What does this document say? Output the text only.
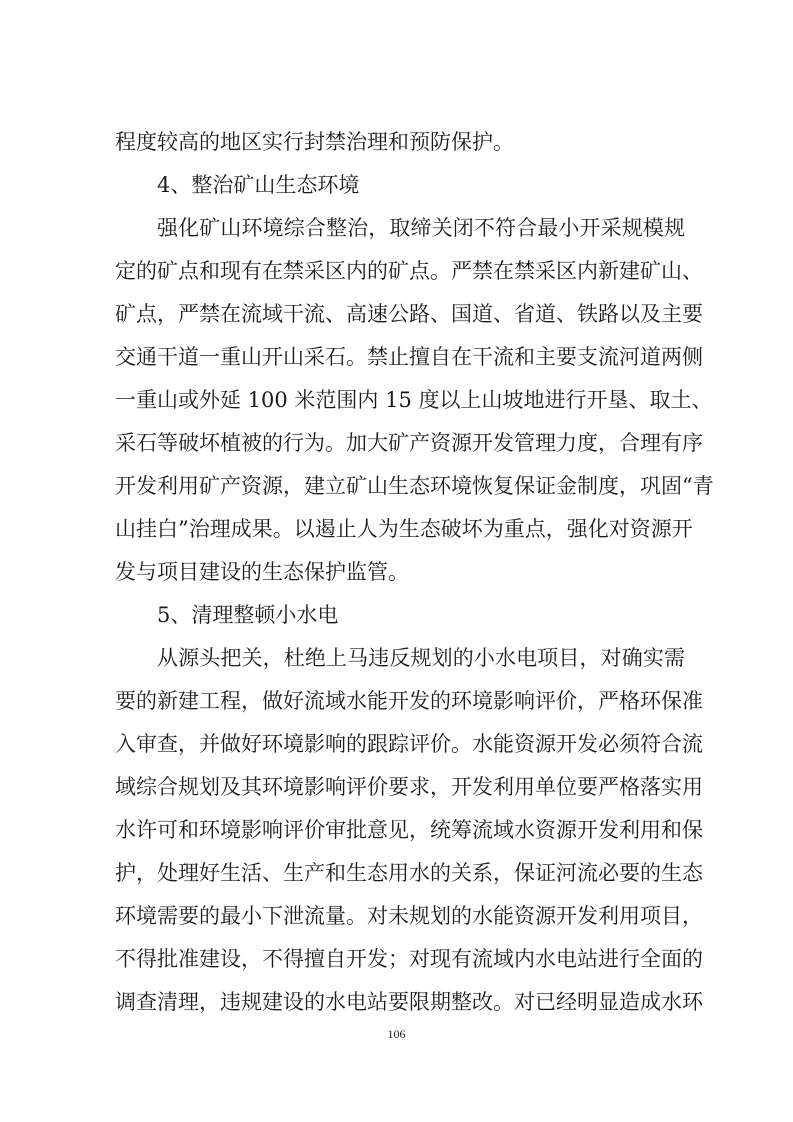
程度较高的地区实行封禁治理和预防保护。

4、整治矿山生态环境

强化矿山环境综合整治，取缔关闭不符合最小开采规模规

定的矿点和现有在禁采区内的矿点。严禁在禁采区内新建矿山、

矿点，严禁在流域干流、高速公路、国道、省道、铁路以及主要

交通干道一重山开山采石。禁止擅自在干流和主要支流河道两侧

一重山或外延 100 米范围内 15 度以上山坡地进行开垦、取土、

采石等破坏植被的行为。加大矿产资源开发管理力度，合理有序

开发利用矿产资源，建立矿山生态环境恢复保证金制度，巩固“青

山挂白”治理成果。以遏止人为生态破坏为重点，强化对资源开

发与项目建设的生态保护监管。

5、清理整顿小水电

从源头把关，杜绝上马违反规划的小水电项目，对确实需

要的新建工程，做好流域水能开发的环境影响评价，严格环保准

入审查，并做好环境影响的跟踪评价。水能资源开发必须符合流

域综合规划及其环境影响评价要求，开发利用单位要严格落实用

水许可和环境影响评价审批意见，统筹流域水资源开发利用和保

护，处理好生活、生产和生态用水的关系，保证河流必要的生态

环境需要的最小下泄流量。对未规划的水能资源开发利用项目，

不得批准建设，不得擅自开发；对现有流域内水电站进行全面的

调查清理，违规建设的水电站要限期整改。对已经明显造成水环

106
